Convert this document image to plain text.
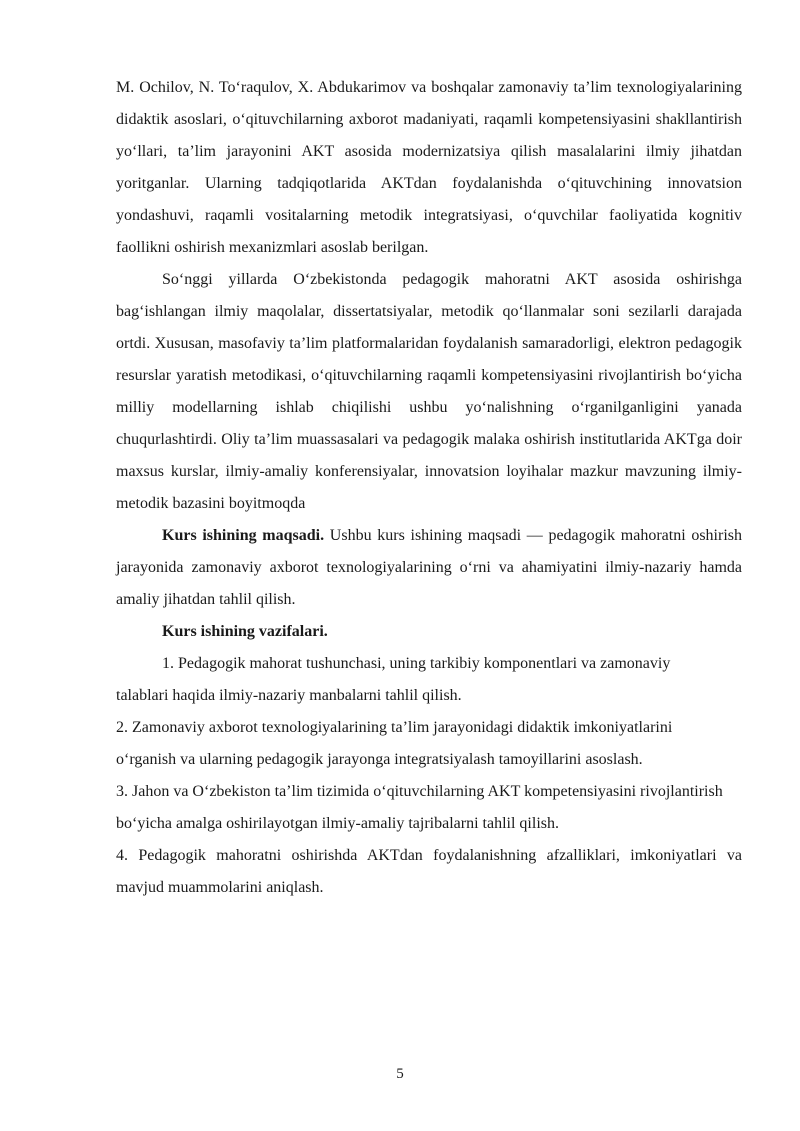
M. Ochilov, N. To‘raqulov, X. Abdukarimov va boshqalar zamonaviy ta’lim texnologiyalarining didaktik asoslari, o‘qituvchilarning axborot madaniyati, raqamli kompetensiyasini shakllantirish yo‘llari, ta’lim jarayonini AKT asosida modernizatsiya qilish masalalarini ilmiy jihatdan yoritganlar. Ularning tadqiqotlarida AKTdan foydalanishda o‘qituvchining innovatsion yondashuvi, raqamli vositalarning metodik integratsiyasi, o‘quvchilar faoliyatida kognitiv faollikni oshirish mexanizmlari asoslab berilgan.

So‘nggi yillarda O‘zbekistonda pedagogik mahoratni AKT asosida oshirishga bag‘ishlangan ilmiy maqolalar, dissertatsiyalar, metodik qo‘llanmalar soni sezilarli darajada ortdi. Xususan, masofaviy ta’lim platformalaridan foydalanish samaradorligi, elektron pedagogik resurslar yaratish metodikasi, o‘qituvchilarning raqamli kompetensiyasini rivojlantirish bo‘yicha milliy modellarning ishlab chiqilishi ushbu yo‘nalishning o‘rganilganligini yanada chuqurlashtirdi. Oliy ta’lim muassasalari va pedagogik malaka oshirish institutlarida AKTga doir maxsus kurslar, ilmiy-amaliy konferensiyalar, innovatsion loyihalar mazkur mavzuning ilmiy-metodik bazasini boyitmoqda

Kurs ishining maqsadi. Ushbu kurs ishining maqsadi — pedagogik mahoratni oshirish jarayonida zamonaviy axborot texnologiyalarining o‘rni va ahamiyatini ilmiy-nazariy hamda amaliy jihatdan tahlil qilish.

Kurs ishining vazifalari.

1. Pedagogik mahorat tushunchasi, uning tarkibiy komponentlari va zamonaviy talablari haqida ilmiy-nazariy manbalarni tahlil qilish.

2. Zamonaviy axborot texnologiyalarining ta’lim jarayonidagi didaktik imkoniyatlarini o‘rganish va ularning pedagogik jarayonga integratsiyalash tamoyillarini asoslash.

3. Jahon va O‘zbekiston ta’lim tizimida o‘qituvchilarning AKT kompetensiyasini rivojlantirish bo‘yicha amalga oshirilayotgan ilmiy-amaliy tajribalarni tahlil qilish.

4. Pedagogik mahoratni oshirishda AKTdan foydalanishning afzalliklari, imkoniyatlari va mavjud muammolarini aniqlash.

5
